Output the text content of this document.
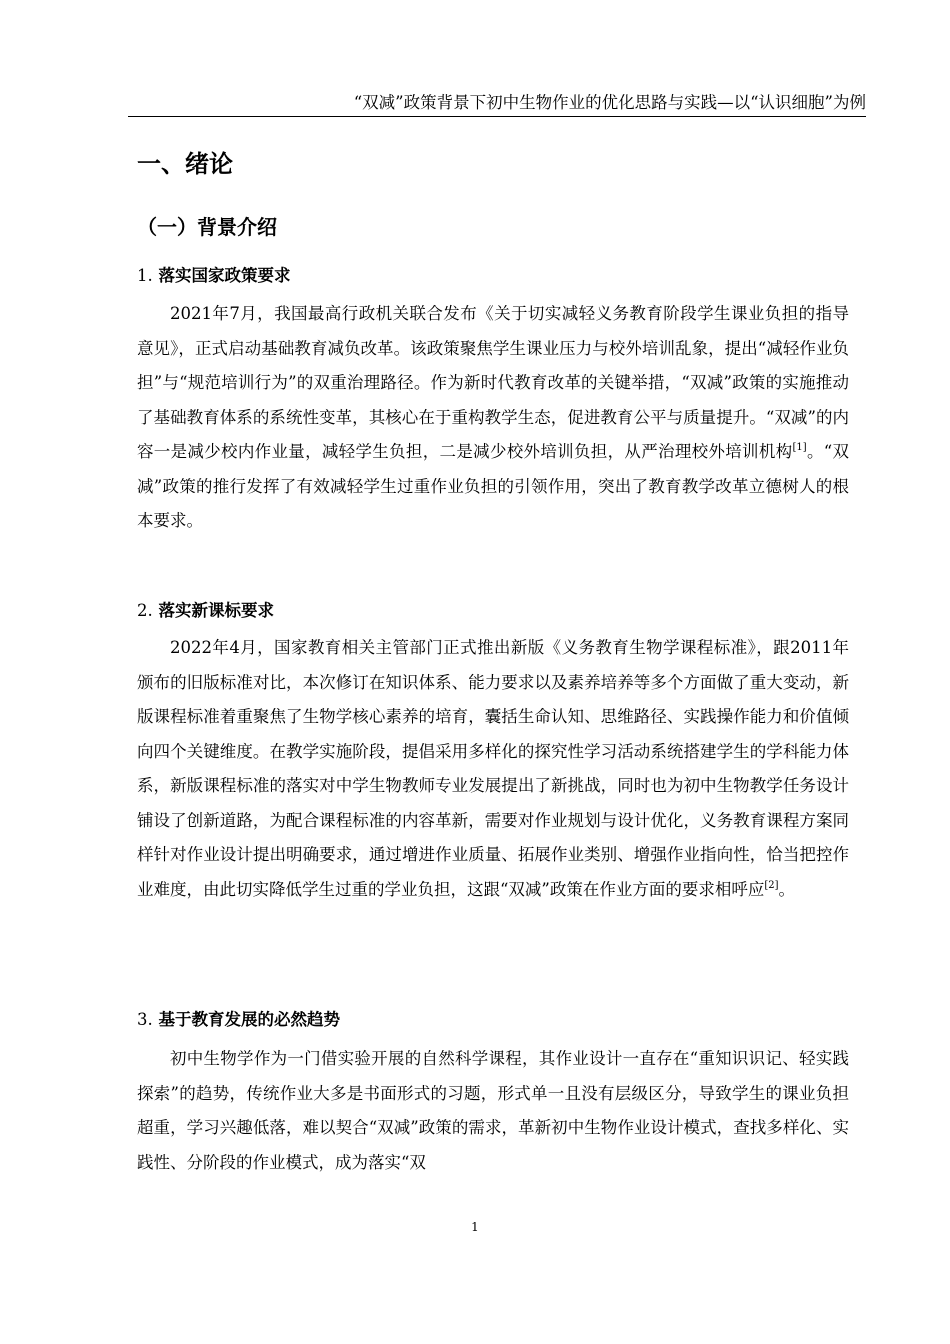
“双减”政策背景下初中生物作业的优化思路与实践—以“认识细胞”为例
一、绪论
（一）背景介绍
1. 落实国家政策要求
2021年7月，我国最高行政机关联合发布《关于切实减轻义务教育阶段学生课业负担的指导意见》，正式启动基础教育减负改革。该政策聚焦学生课业压力与校外培训乱象，提出“减轻作业负担”与“规范培训行为”的双重治理路径。作为新时代教育改革的关键举措，“双减”政策的实施推动了基础教育体系的系统性变革，其核心在于重构教学生态，促进教育公平与质量提升。“双减”的内容一是减少校内作业量，减轻学生负担，二是减少校外培训负担，从严治理校外培训机构[1]。“双减”政策的推行发挥了有效减轻学生过重作业负担的引领作用，突出了教育教学改革立德树人的根本要求。
2. 落实新课标要求
2022年4月，国家教育相关主管部门正式推出新版《义务教育生物学课程标准》，跟2011年颁布的旧版标准对比，本次修订在知识体系、能力要求以及素养培养等多个方面做了重大变动，新版课程标准着重聚焦了生物学核心素养的培育，囊括生命认知、思维路径、实践操作能力和价值倾向四个关键维度。在教学实施阶段，提倡采用多样化的探究性学习活动系统搭建学生的学科能力体系，新版课程标准的落实对中学生物教师专业发展提出了新挑战，同时也为初中生物教学任务设计铺设了创新道路，为配合课程标准的内容革新，需要对作业规划与设计优化，义务教育课程方案同样针对作业设计提出明确要求，通过增进作业质量、拓展作业类别、增强作业指向性，恰当把控作业难度，由此切实降低学生过重的学业负担，这跟“双减”政策在作业方面的要求相呼应[2]。
3. 基于教育发展的必然趋势
初中生物学作为一门借实验开展的自然科学课程，其作业设计一直存在“重知识识记、轻实践探索”的趋势，传统作业大多是书面形式的习题，形式单一且没有层级区分，导致学生的课业负担超重，学习兴趣低落，难以契合“双减”政策的需求，革新初中生物作业设计模式，查找多样化、实践性、分阶段的作业模式，成为落实“双
1
